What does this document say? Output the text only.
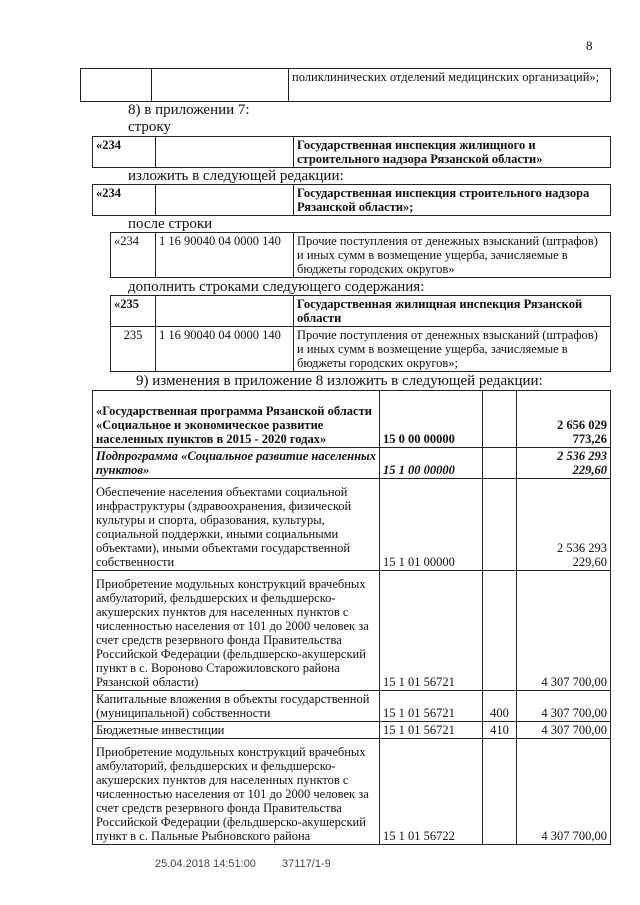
8
		поликлинических отделений медицинских организаций»;
8) в приложении 7:
строку
«234		Государственная инспекция жилищного и строительного надзора Рязанской области»
изложить в следующей редакции:
«234		Государственная инспекция строительного надзора Рязанской области»;
после строки
«234	1 16 90040 04 0000 140	Прочие поступления от денежных взысканий (штрафов) и иных сумм в возмещение ущерба, зачисляемые в бюджеты городских округов»
дополнить строками следующего содержания:
«235		Государственная жилищная инспекция Рязанской области
235	1 16 90040 04 0000 140	Прочие поступления от денежных взысканий (штрафов) и иных сумм в возмещение ущерба, зачисляемые в бюджеты городских округов»;
9) изменения в приложение 8 изложить в следующей редакции:
«Государственная программа Рязанской области «Социальное и экономическое развитие населенных пунктов в 2015 - 2020 годах»	15 0 00 00000		2 656 029 773,26
Подпрограмма «Социальное развитие населенных пунктов»	15 1 00 00000		2 536 293 229,60
Обеспечение населения объектами социальной инфраструктуры (здравоохранения, физической культуры и спорта, образования, культуры, социальной поддержки, иными социальными объектами), иными объектами государственной собственности	15 1 01 00000		2 536 293 229,60
Приобретение модульных конструкций врачебных амбулаторий, фельдшерских и фельдшерско-акушерских пунктов для населенных пунктов с численностью населения от 101 до 2000 человек за счет средств резервного фонда Правительства Российской Федерации (фельдшерско-акушерский пункт в с. Вороново Старожиловского района Рязанской области)	15 1 01 56721		4 307 700,00
Капитальные вложения в объекты государственной (муниципальной) собственности	15 1 01 56721	400	4 307 700,00
Бюджетные инвестиции	15 1 01 56721	410	4 307 700,00
Приобретение модульных конструкций врачебных амбулаторий, фельдшерских и фельдшерско-акушерских пунктов для населенных пунктов с численностью населения от 101 до 2000 человек за счет средств резервного фонда Правительства Российской Федерации (фельдшерско-акушерский пункт в с. Пальные Рыбновского района	15 1 01 56722		4 307 700,00
25.04.2018 14:51:00 37117/1-9
